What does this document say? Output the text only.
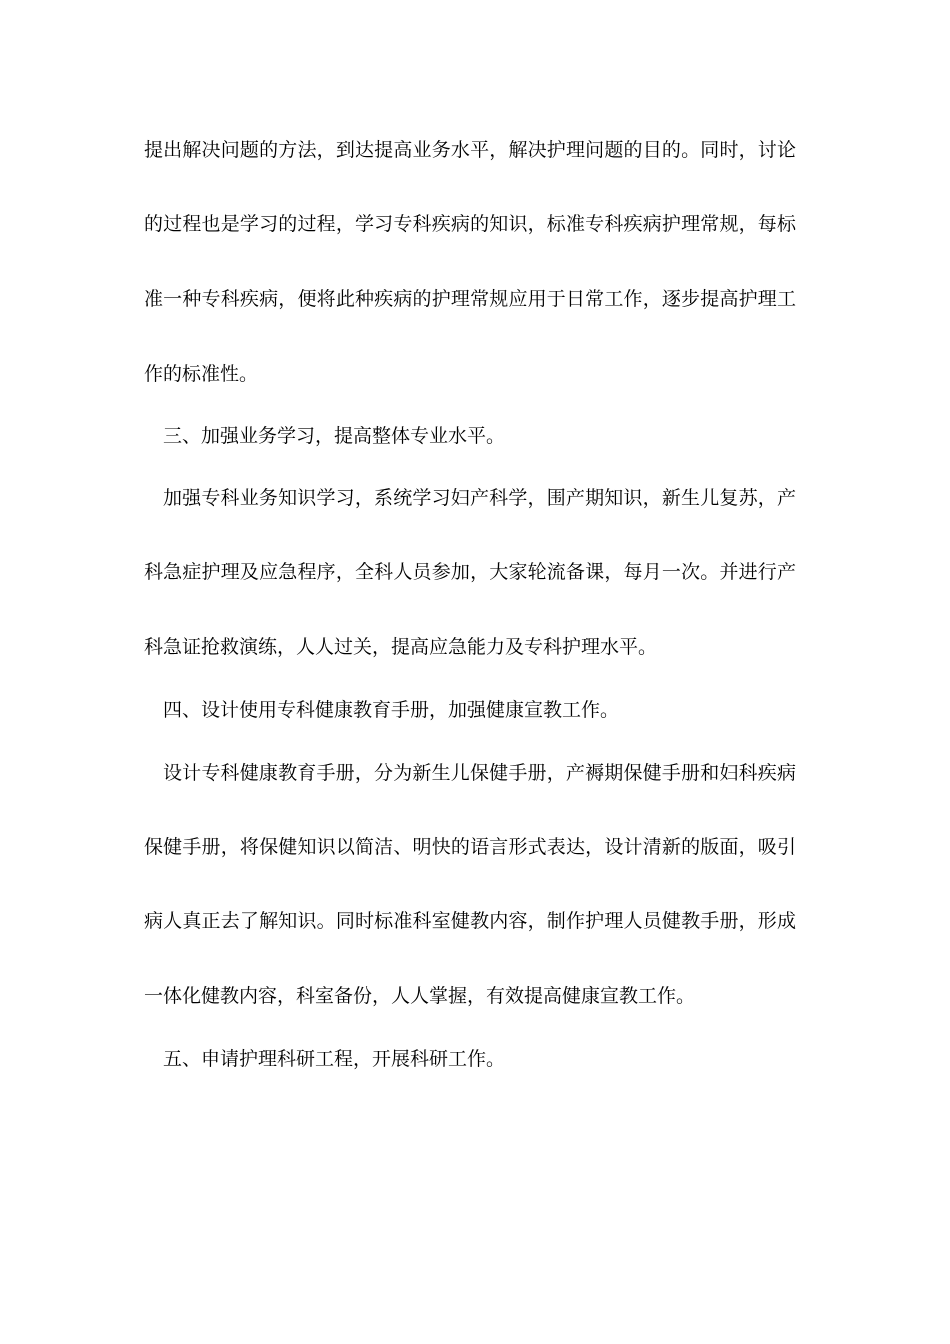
提出解决问题的方法，到达提高业务水平，解决护理问题的目的。同时，讨论
的过程也是学习的过程，学习专科疾病的知识，标准专科疾病护理常规，每标
准一种专科疾病，便将此种疾病的护理常规应用于日常工作，逐步提高护理工
作的标准性。
三、加强业务学习，提高整体专业水平。
加强专科业务知识学习，系统学习妇产科学，围产期知识，新生儿复苏，产
科急症护理及应急程序，全科人员参加，大家轮流备课，每月一次。并进行产
科急证抢救演练，人人过关，提高应急能力及专科护理水平。
四、设计使用专科健康教育手册，加强健康宣教工作。
设计专科健康教育手册，分为新生儿保健手册，产褥期保健手册和妇科疾病
保健手册，将保健知识以简洁、明快的语言形式表达，设计清新的版面，吸引
病人真正去了解知识。同时标准科室健教内容，制作护理人员健教手册，形成
一体化健教内容，科室备份，人人掌握，有效提高健康宣教工作。
五、申请护理科研工程，开展科研工作。
